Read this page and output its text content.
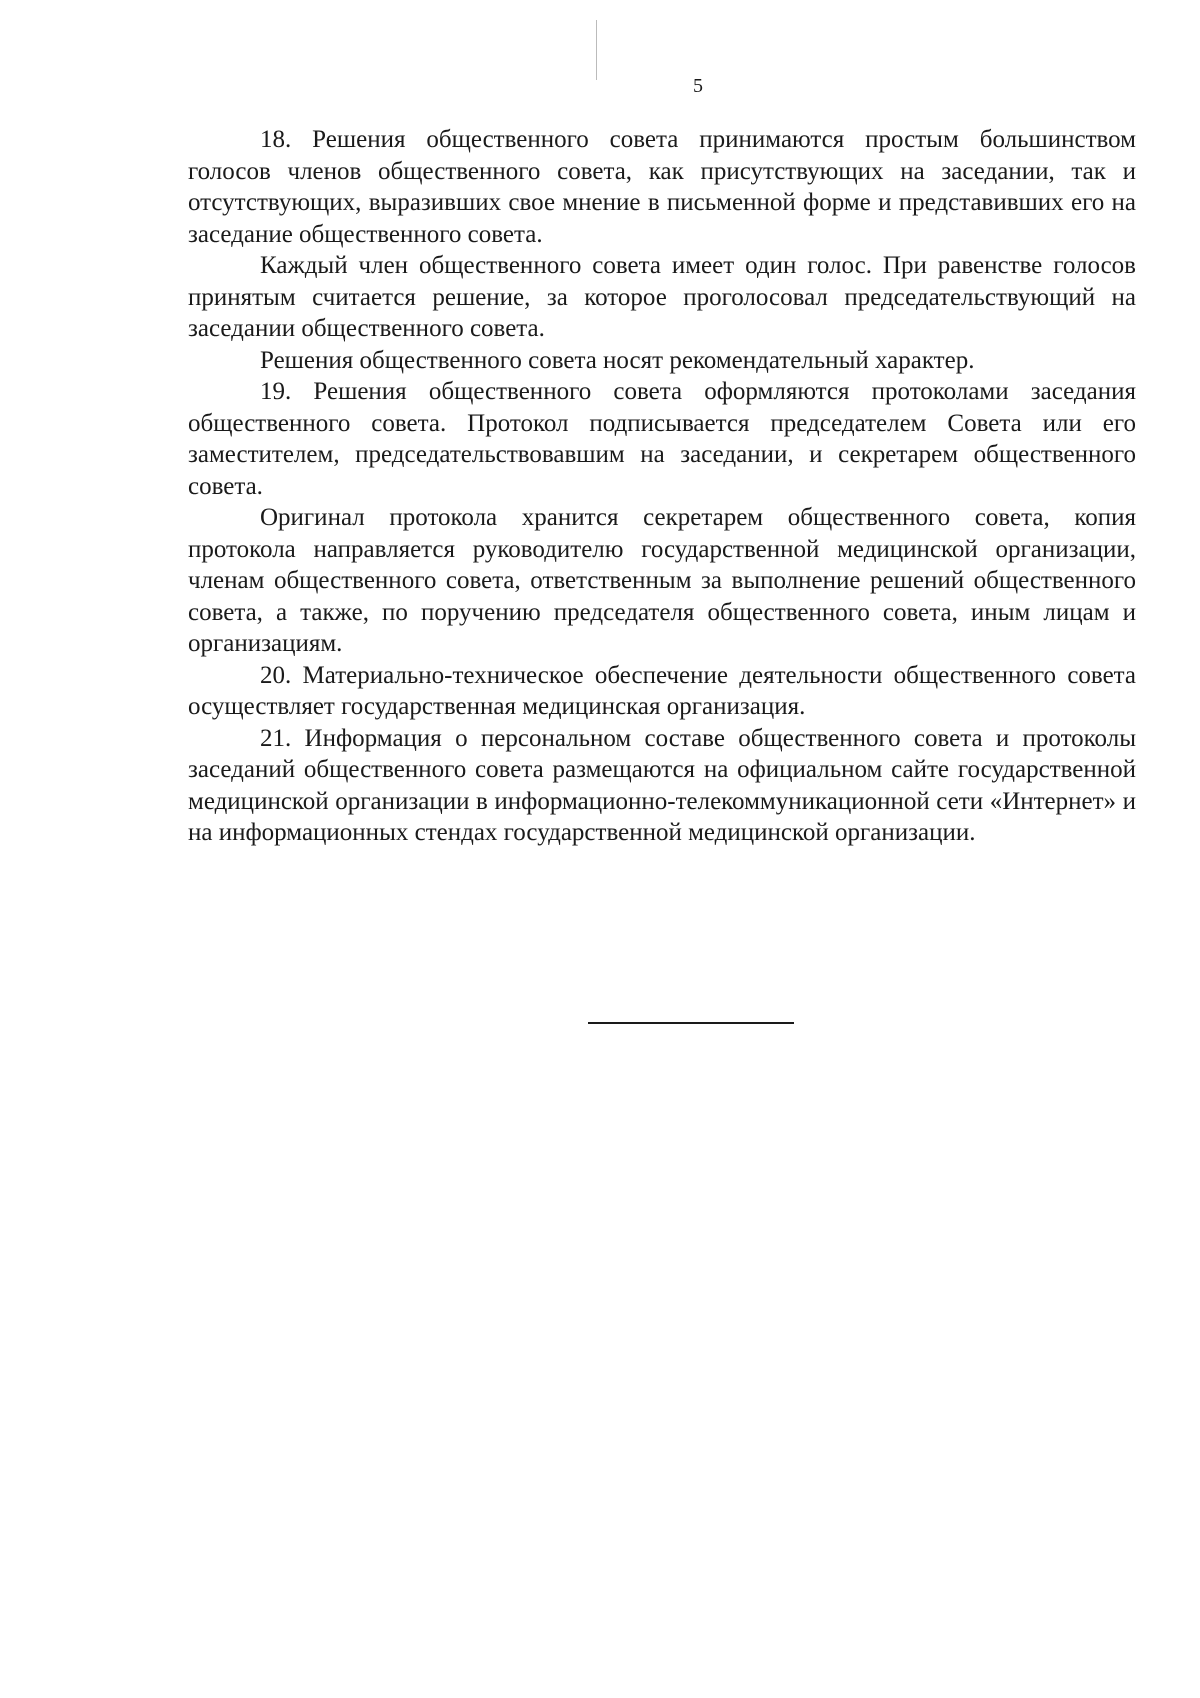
5

18. Решения общественного совета принимаются простым большинством голосов членов общественного совета, как присутствующих на заседании, так и отсутствующих, выразивших свое мнение в письменной форме и представивших его на заседание общественного совета.

Каждый член общественного совета имеет один голос. При равенстве голосов принятым считается решение, за которое проголосовал председательствующий на заседании общественного совета.

Решения общественного совета носят рекомендательный характер.

19. Решения общественного совета оформляются протоколами заседания общественного совета. Протокол подписывается председателем Совета или его заместителем, председательствовавшим на заседании, и секретарем общественного совета.

Оригинал протокола хранится секретарем общественного совета, копия протокола направляется руководителю государственной медицинской организации, членам общественного совета, ответственным за выполнение решений общественного совета, а также, по поручению председателя общественного совета, иным лицам и организациям.

20. Материально-техническое обеспечение деятельности общественного совета осуществляет государственная медицинская организация.

21. Информация о персональном составе общественного совета и протоколы заседаний общественного совета размещаются на официальном сайте государственной медицинской организации в информационно-телекоммуникационной сети «Интернет» и на информационных стендах государственной медицинской организации.
